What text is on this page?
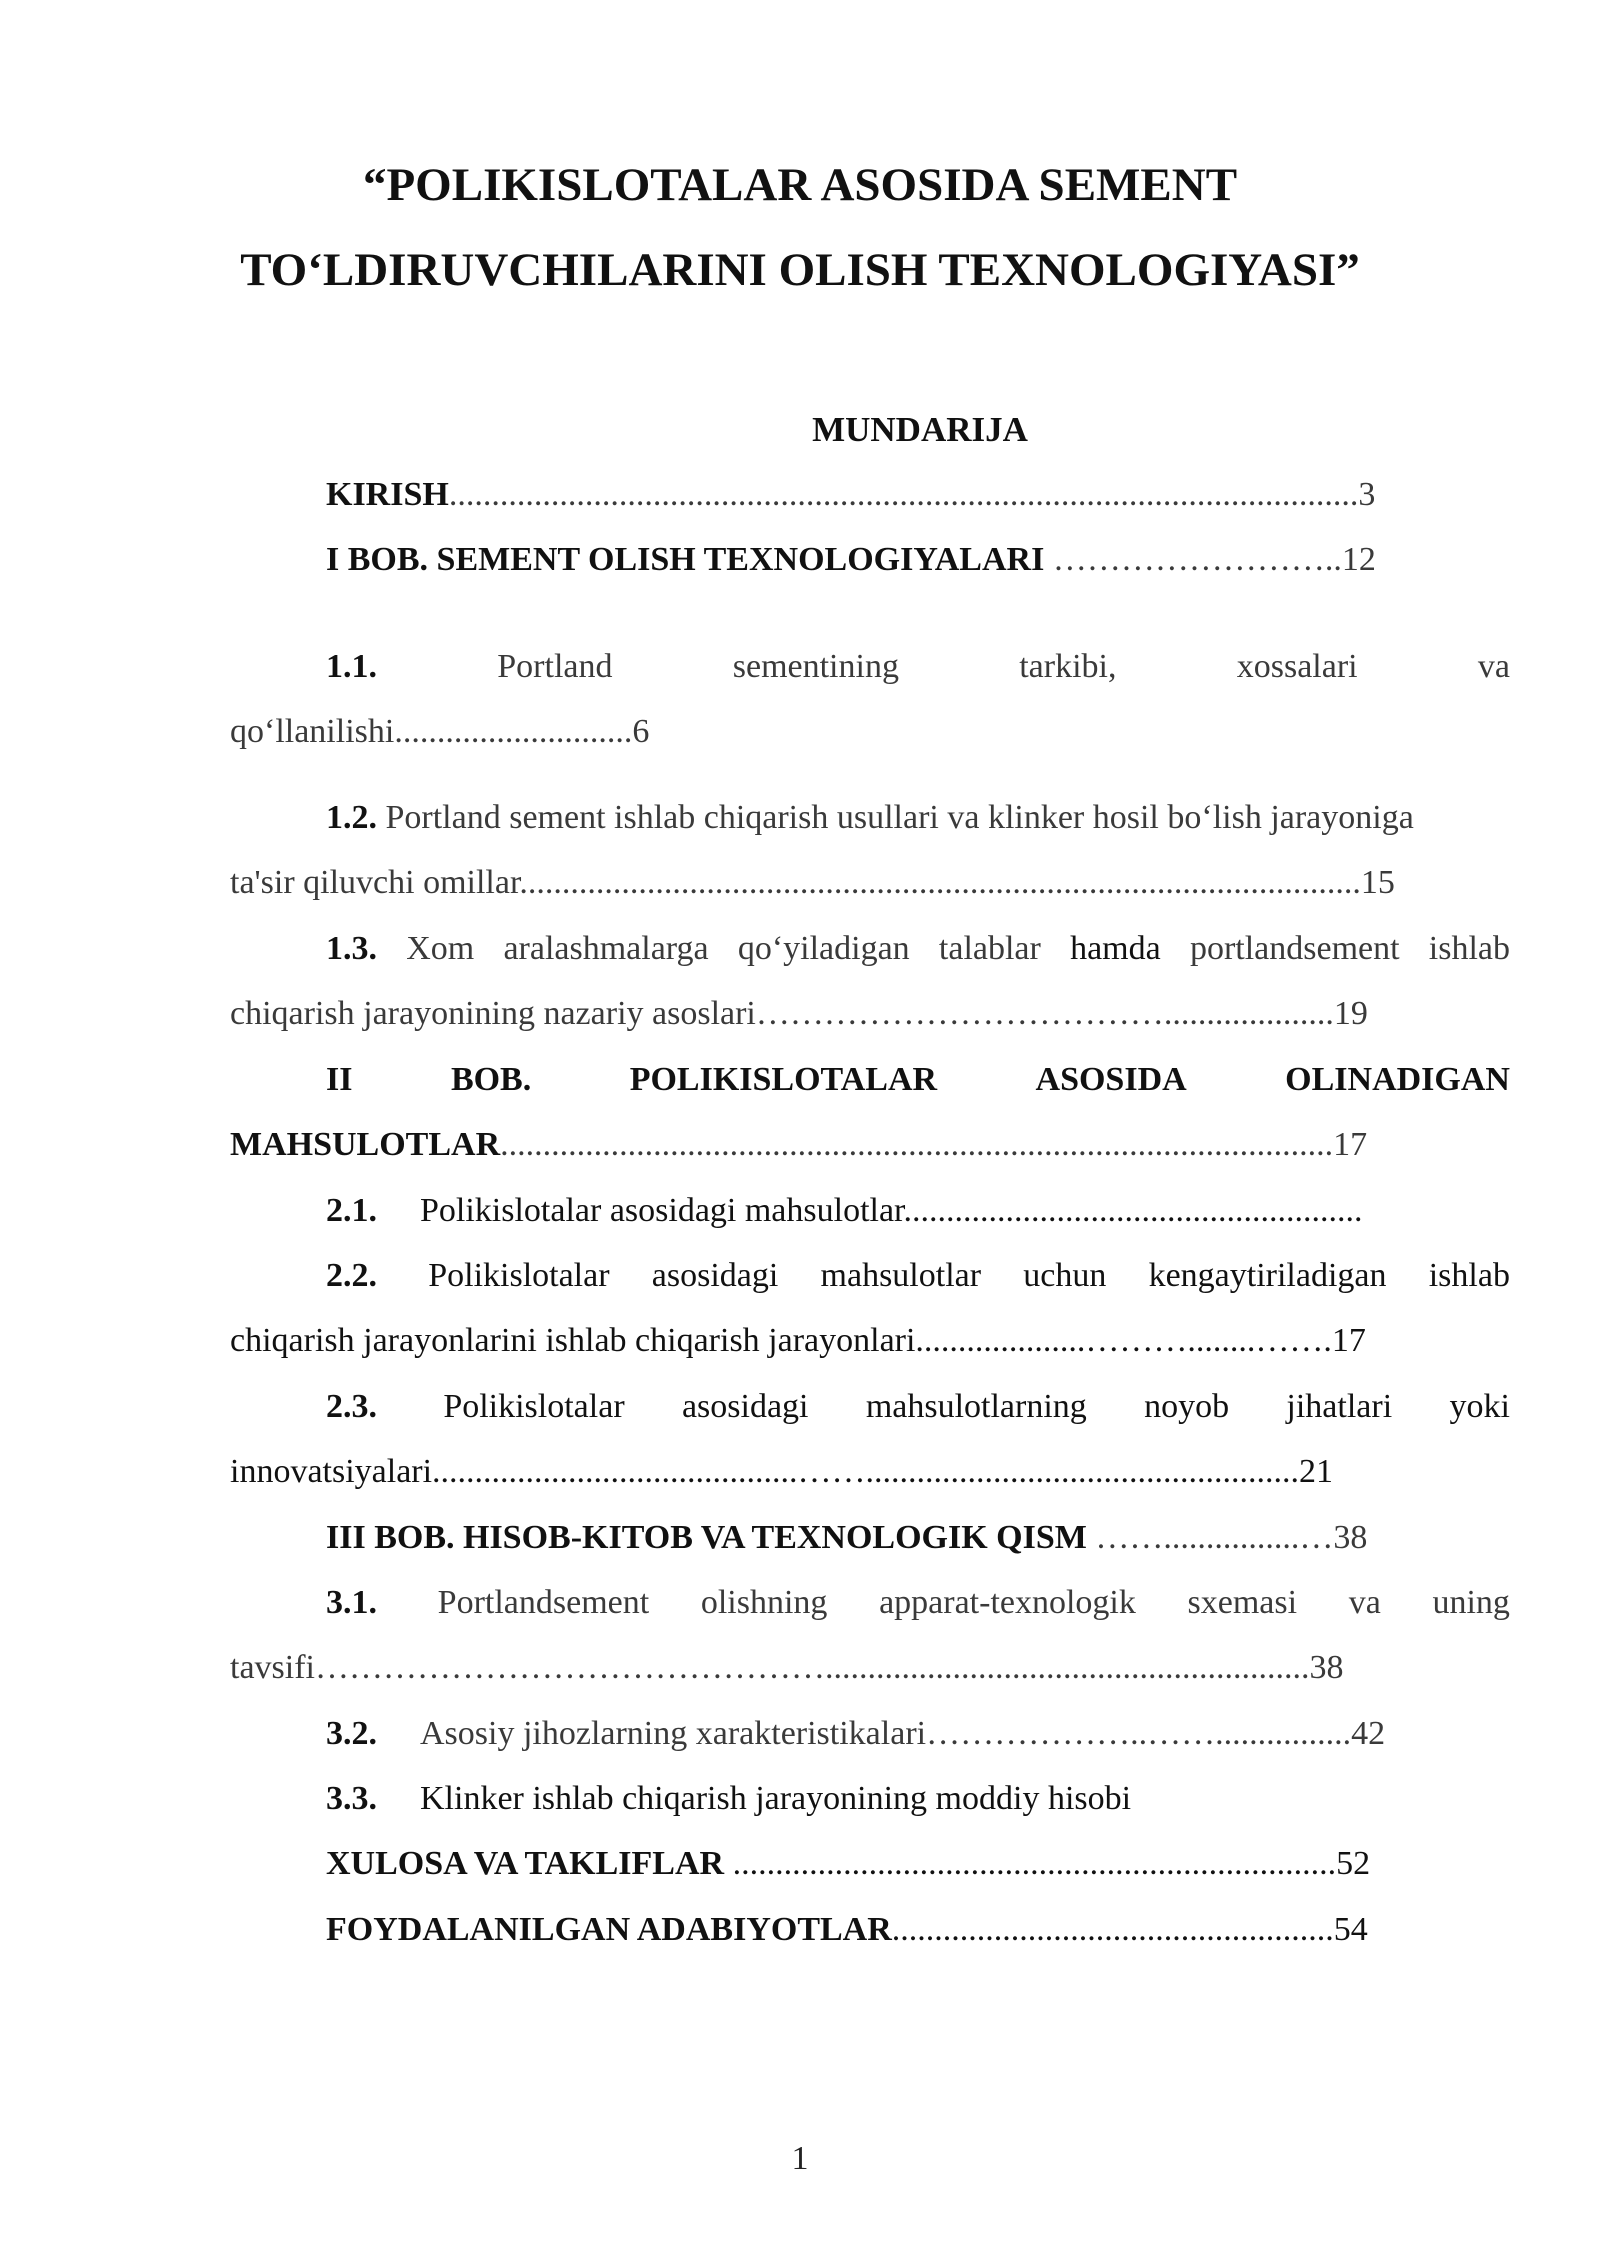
“POLIKISLOTALAR ASOSIDA SEMENT
TO‘LDIRUVCHILARINI OLISH TEXNOLOGIYASI”
MUNDARIJA
KIRISH...........................................................................................................3
I BOB. SEMENT OLISH TEXNOLOGIYALARI ……………………..12
1.1.	Portland	sementining	tarkibi,	xossalari	va
qo‘llanilishi............................6
1.2. Portland sement ishlab chiqarish usullari va klinker hosil bo‘lish jarayoniga
ta'sir qiluvchi omillar...................................................................................................15
1.3. Xom aralashmalarga qo‘yiladigan talablar hamda portlandsement ishlab
chiqarish jarayonining nazariy asoslari………………………………....................19
II	BOB.	POLIKISLOTALAR	ASOSIDA	OLINADIGAN
MAHSULOTLAR..................................................................................................17
2.1. Polikislotalar asosidagi mahsulotlar......................................................
2.2.	Polikislotalar asosidagi mahsulotlar uchun kengaytiriladigan ishlab
chiqarish jarayonlarini ishlab chiqarish jarayonlari....................………........…….17
2.3.	Polikislotalar asosidagi mahsulotlarning noyob jihatlari yoki
innovatsiyalari...........................................……...................................................21
III BOB. HISOB-KITOB VA TEXNOLOGIK QISM ……................…38
3.1.	Portlandsement olishning apparat-texnologik sxemasi va uning
tavsifi……………………………………….........................................................38
3.2. Asosiy jihozlarning xarakteristikalari………………..……................42
3.3. Klinker ishlab chiqarish jarayonining moddiy hisobi
XULOSA VA TAKLIFLAR .......................................................................52
FOYDALANILGAN ADABIYOTLAR....................................................54
1
